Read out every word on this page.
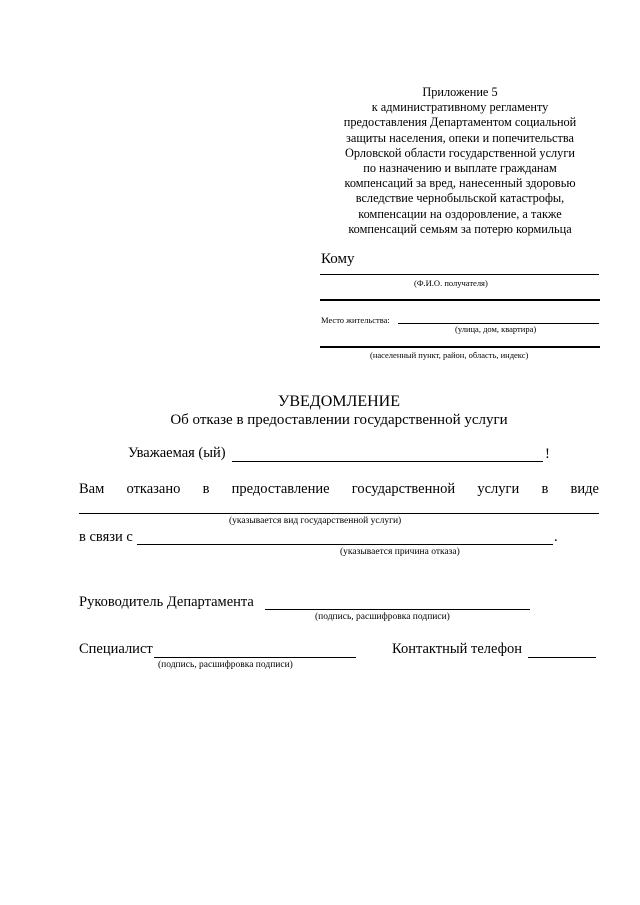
Приложение 5
к административному регламенту
предоставления Департаментом социальной
защиты населения, опеки и попечительства
Орловской области государственной услуги
по назначению и выплате гражданам
компенсаций за вред, нанесенный здоровью
вследствие чернобыльской катастрофы,
компенсации на оздоровление, а также
компенсаций семьям за потерю кормильца
Кому
(Ф.И.О. получателя)
Место жительства:
(улица, дом, квартира)
(населенный пункт, район, область, индекс)
УВЕДОМЛЕНИЕ
Об отказе в предоставлении государственной услуги
Уважаемая (ый)	!
Вам отказано в предоставление государственной услуги в виде
(указывается вид государственной услуги)
в связи с	.
(указывается причина отказа)
Руководитель Департамента
(подпись, расшифровка подписи)
Специалист
(подпись, расшифровка подписи)
Контактный телефон
